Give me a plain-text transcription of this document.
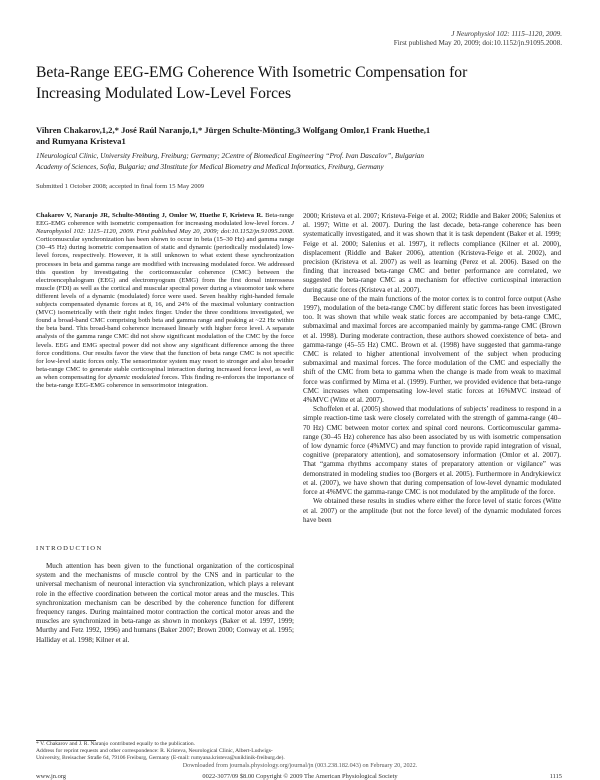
J Neurophysiol 102: 1115–1120, 2009.
First published May 20, 2009; doi:10.1152/jn.91095.2008.
Beta-Range EEG-EMG Coherence With Isometric Compensation for
Increasing Modulated Low-Level Forces
Vihren Chakarov,1,2,* José Raúl Naranjo,1,* Jürgen Schulte-Mönting,3 Wolfgang Omlor,1 Frank Huethe,1
and Rumyana Kristeva1
1Neurological Clinic, University Freiburg, Freiburg; Germany; 2Centre of Biomedical Engineering “Prof. Ivan Dascalov”, Bulgarian
Academy of Sciences, Sofia, Bulgaria; and 3Institute for Medical Biometry and Medical Informatics, Freiburg, Germany
Submitted 1 October 2008; accepted in final form 15 May 2009
Chakarov V, Naranjo JR, Schulte-Mönting J, Omlor W, Huethe F, Kristeva R. Beta-range EEG-EMG coherence with isometric compensation for increasing modulated low-level forces. J Neurophysiol 102: 1115–1120, 2009. First published May 20, 2009; doi:10.1152/jn.91095.2008. Corticomuscular synchronization has been shown to occur in beta (15–30 Hz) and gamma range (30–45 Hz) during isometric compensation of static and dynamic (periodically modulated) low-level forces, respectively. However, it is still unknown to what extent these synchronization processes in beta and gamma range are modified with increasing modulated force. We addressed this question by investigating the corticomuscular coherence (CMC) between the electroencephalogram (EEG) and electromyogram (EMG) from the first dorsal interosseus muscle (FDI) as well as the cortical and muscular spectral power during a visuomotor task where different levels of a dynamic (modulated) force were used. Seven healthy right-handed female subjects compensated dynamic forces at 8, 16, and 24% of the maximal voluntary contraction (MVC) isometrically with their right index finger. Under the three conditions investigated, we found a broad-band CMC comprising both beta and gamma range and peaking at ~22 Hz within the beta band. This broad-band coherence increased linearly with higher force level. A separate analysis of the gamma range CMC did not show significant modulation of the CMC by the force levels. EEG and EMG spectral power did not show any significant difference among the three force conditions. Our results favor the view that the function of beta range CMC is not specific for low-level static forces only. The sensorimotor system may resort to stronger and also broader beta-range CMC to generate stable corticospinal interaction during increased force level, as well as when compensating for dynamic modulated forces. This finding re-enforces the importance of the beta-range EEG-EMG coherence in sensorimotor integration.
INTRODUCTION

Much attention has been given to the functional organization of the corticospinal system and the mechanisms of muscle control by the CNS and in particular to the universal mechanism of neuronal interaction via synchronization, which plays a relevant role in the effective coordination between the cortical motor areas and the muscles. This synchronization mechanism can be described by the coherence function for different frequency ranges. During maintained motor contraction the cortical motor areas and the muscles are synchronized in beta-range as shown in monkeys (Baker et al. 1997, 1999; Murthy and Fetz 1992, 1996) and humans (Baker 2007; Brown 2000; Conway et al. 1995; Halliday et al. 1998; Kilner et al.

2000; Kristeva et al. 2007; Kristeva-Feige et al. 2002; Riddle and Baker 2006; Salenius et al. 1997; Witte et al. 2007). During the last decade, beta-range coherence has been systematically investigated, and it was shown that it is task dependent (Baker et al. 1999; Feige et al. 2000; Salenius et al. 1997), it reflects compliance (Kilner et al. 2000), displacement (Riddle and Baker 2006), attention (Kristeva-Feige et al. 2002), and precision (Kristeva et al. 2007) as well as learning (Perez et al. 2006). Based on the finding that increased beta-range CMC and better performance are correlated, we suggested the beta-range CMC as a mechanism for effective corticospinal interaction during static forces (Kristeva et al. 2007).

Because one of the main functions of the motor cortex is to control force output (Ashe 1997), modulation of the beta-range CMC by different static forces has been investigated too. It was shown that while weak static forces are accompanied by beta-range CMC, submaximal and maximal forces are accompanied mainly by gamma-range CMC (Brown et al. 1998). During moderate contraction, these authors showed coexistence of beta- and gamma-range (45–55 Hz) CMC. Brown et al. (1998) have suggested that gamma-range CMC is related to higher attentional involvement of the subject when producing submaximal and maximal forces. The force modulation of the CMC and especially the shift of the CMC from beta to gamma when the change is made from weak to maximal force was confirmed by Mima et al. (1999). Further, we provided evidence that beta-range CMC increases when compensating low-level static forces at 16%MVC instead of 4%MVC (Witte et al. 2007).

Schoffelen et al. (2005) showed that modulations of subjects’ readiness to respond in a simple reaction-time task were closely correlated with the strength of gamma-range (40–70 Hz) CMC between motor cortex and spinal cord neurons. Corticomuscular gamma-range (30–45 Hz) coherence has also been associated by us with isometric compensation of low dynamic force (4%MVC) and may function to provide rapid integration of visual, cognitive (preparatory attention), and somatosensory information (Omlor et al. 2007). That “gamma rhythms accompany states of preparatory attention or vigilance” was demonstrated in modeling studies too (Borgers et al. 2005). Furthermore in Andrykiewicz et al. (2007), we have shown that during compensation of low-level dynamic modulated force at 4%MVC the gamma-range CMC is not modulated by the amplitude of the force.

We obtained these results in studies where either the force level of static forces (Witte et al. 2007) or the amplitude (but not the force level) of the dynamic modulated forces have been

* V. Chakarov and J. R. Naranjo contributed equally to the publication.
Address for reprint requests and other correspondence: R. Kristeva, Neurological Clinic, Albert-Ludwigs-University, Breisacher Straße 64, 79106 Freiburg, Germany (E-mail: rumyana.kristeva@uniklinik-freiburg.de).
Downloaded from journals.physiology.org/journal/jn (003.238.182.043) on February 20, 2022.
www.jn.org	0022-3077/09 $8.00 Copyright © 2009 The American Physiological Society	1115
